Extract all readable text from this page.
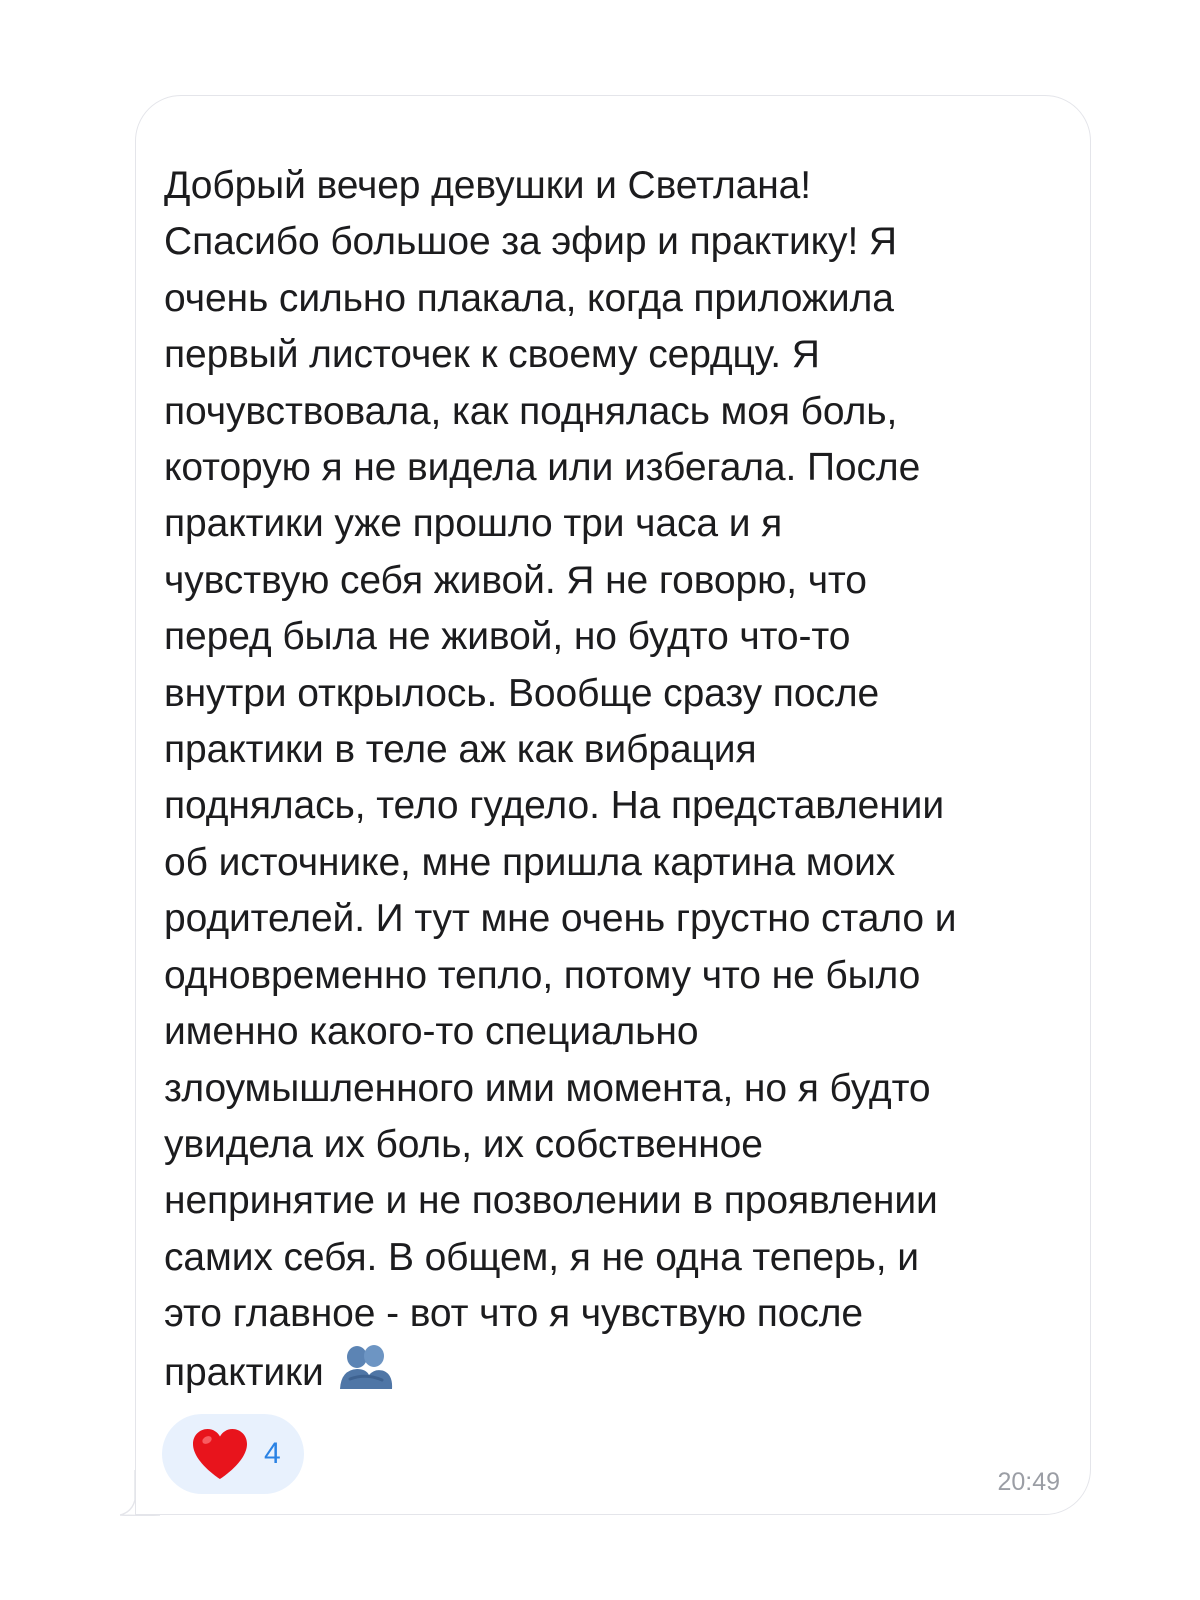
Добрый вечер девушки и Светлана!
Спасибо большое за эфир и практику! Я
очень сильно плакала, когда приложила
первый листочек к своему сердцу. Я
почувствовала, как поднялась моя боль,
которую я не видела или избегала. После
практики уже прошло три часа и я
чувствую себя живой. Я не говорю, что
перед была не живой, но будто что-то
внутри открылось. Вообще сразу после
практики в теле аж как вибрация
поднялась, тело гудело. На представлении
об источнике, мне пришла картина моих
родителей. И тут мне очень грустно стало и
одновременно тепло, потому что не было
именно какого-то специально
злоумышленного ими момента, но я будто
увидела их боль, их собственное
непринятие и не позволении в проявлении
самих себя. В общем, я не одна теперь, и
это главное - вот что я чувствую после
практики

4
20:49
